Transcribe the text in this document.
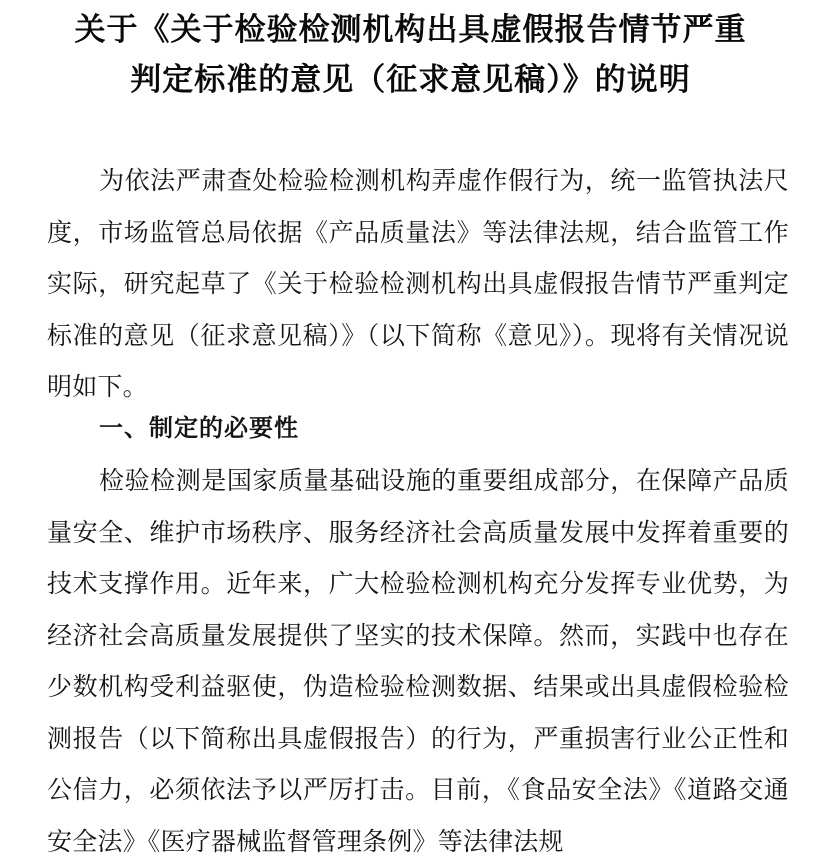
关于《关于检验检测机构出具虚假报告情节严重
判定标准的意见（征求意见稿）》的说明
为依法严肃查处检验检测机构弄虚作假行为，统一监管执法尺度，市场监管总局依据《产品质量法》等法律法规，结合监管工作实际，研究起草了《关于检验检测机构出具虚假报告情节严重判定标准的意见（征求意见稿）》（以下简称《意见》）。现将有关情况说明如下。
一、制定的必要性
检验检测是国家质量基础设施的重要组成部分，在保障产品质量安全、维护市场秩序、服务经济社会高质量发展中发挥着重要的技术支撑作用。近年来，广大检验检测机构充分发挥专业优势，为经济社会高质量发展提供了坚实的技术保障。然而，实践中也存在少数机构受利益驱使，伪造检验检测数据、结果或出具虚假检验检测报告（以下简称出具虚假报告）的行为，严重损害行业公正性和公信力，必须依法予以严厉打击。目前，《食品安全法》《道路交通安全法》《医疗器械监督管理条例》等法律法规
